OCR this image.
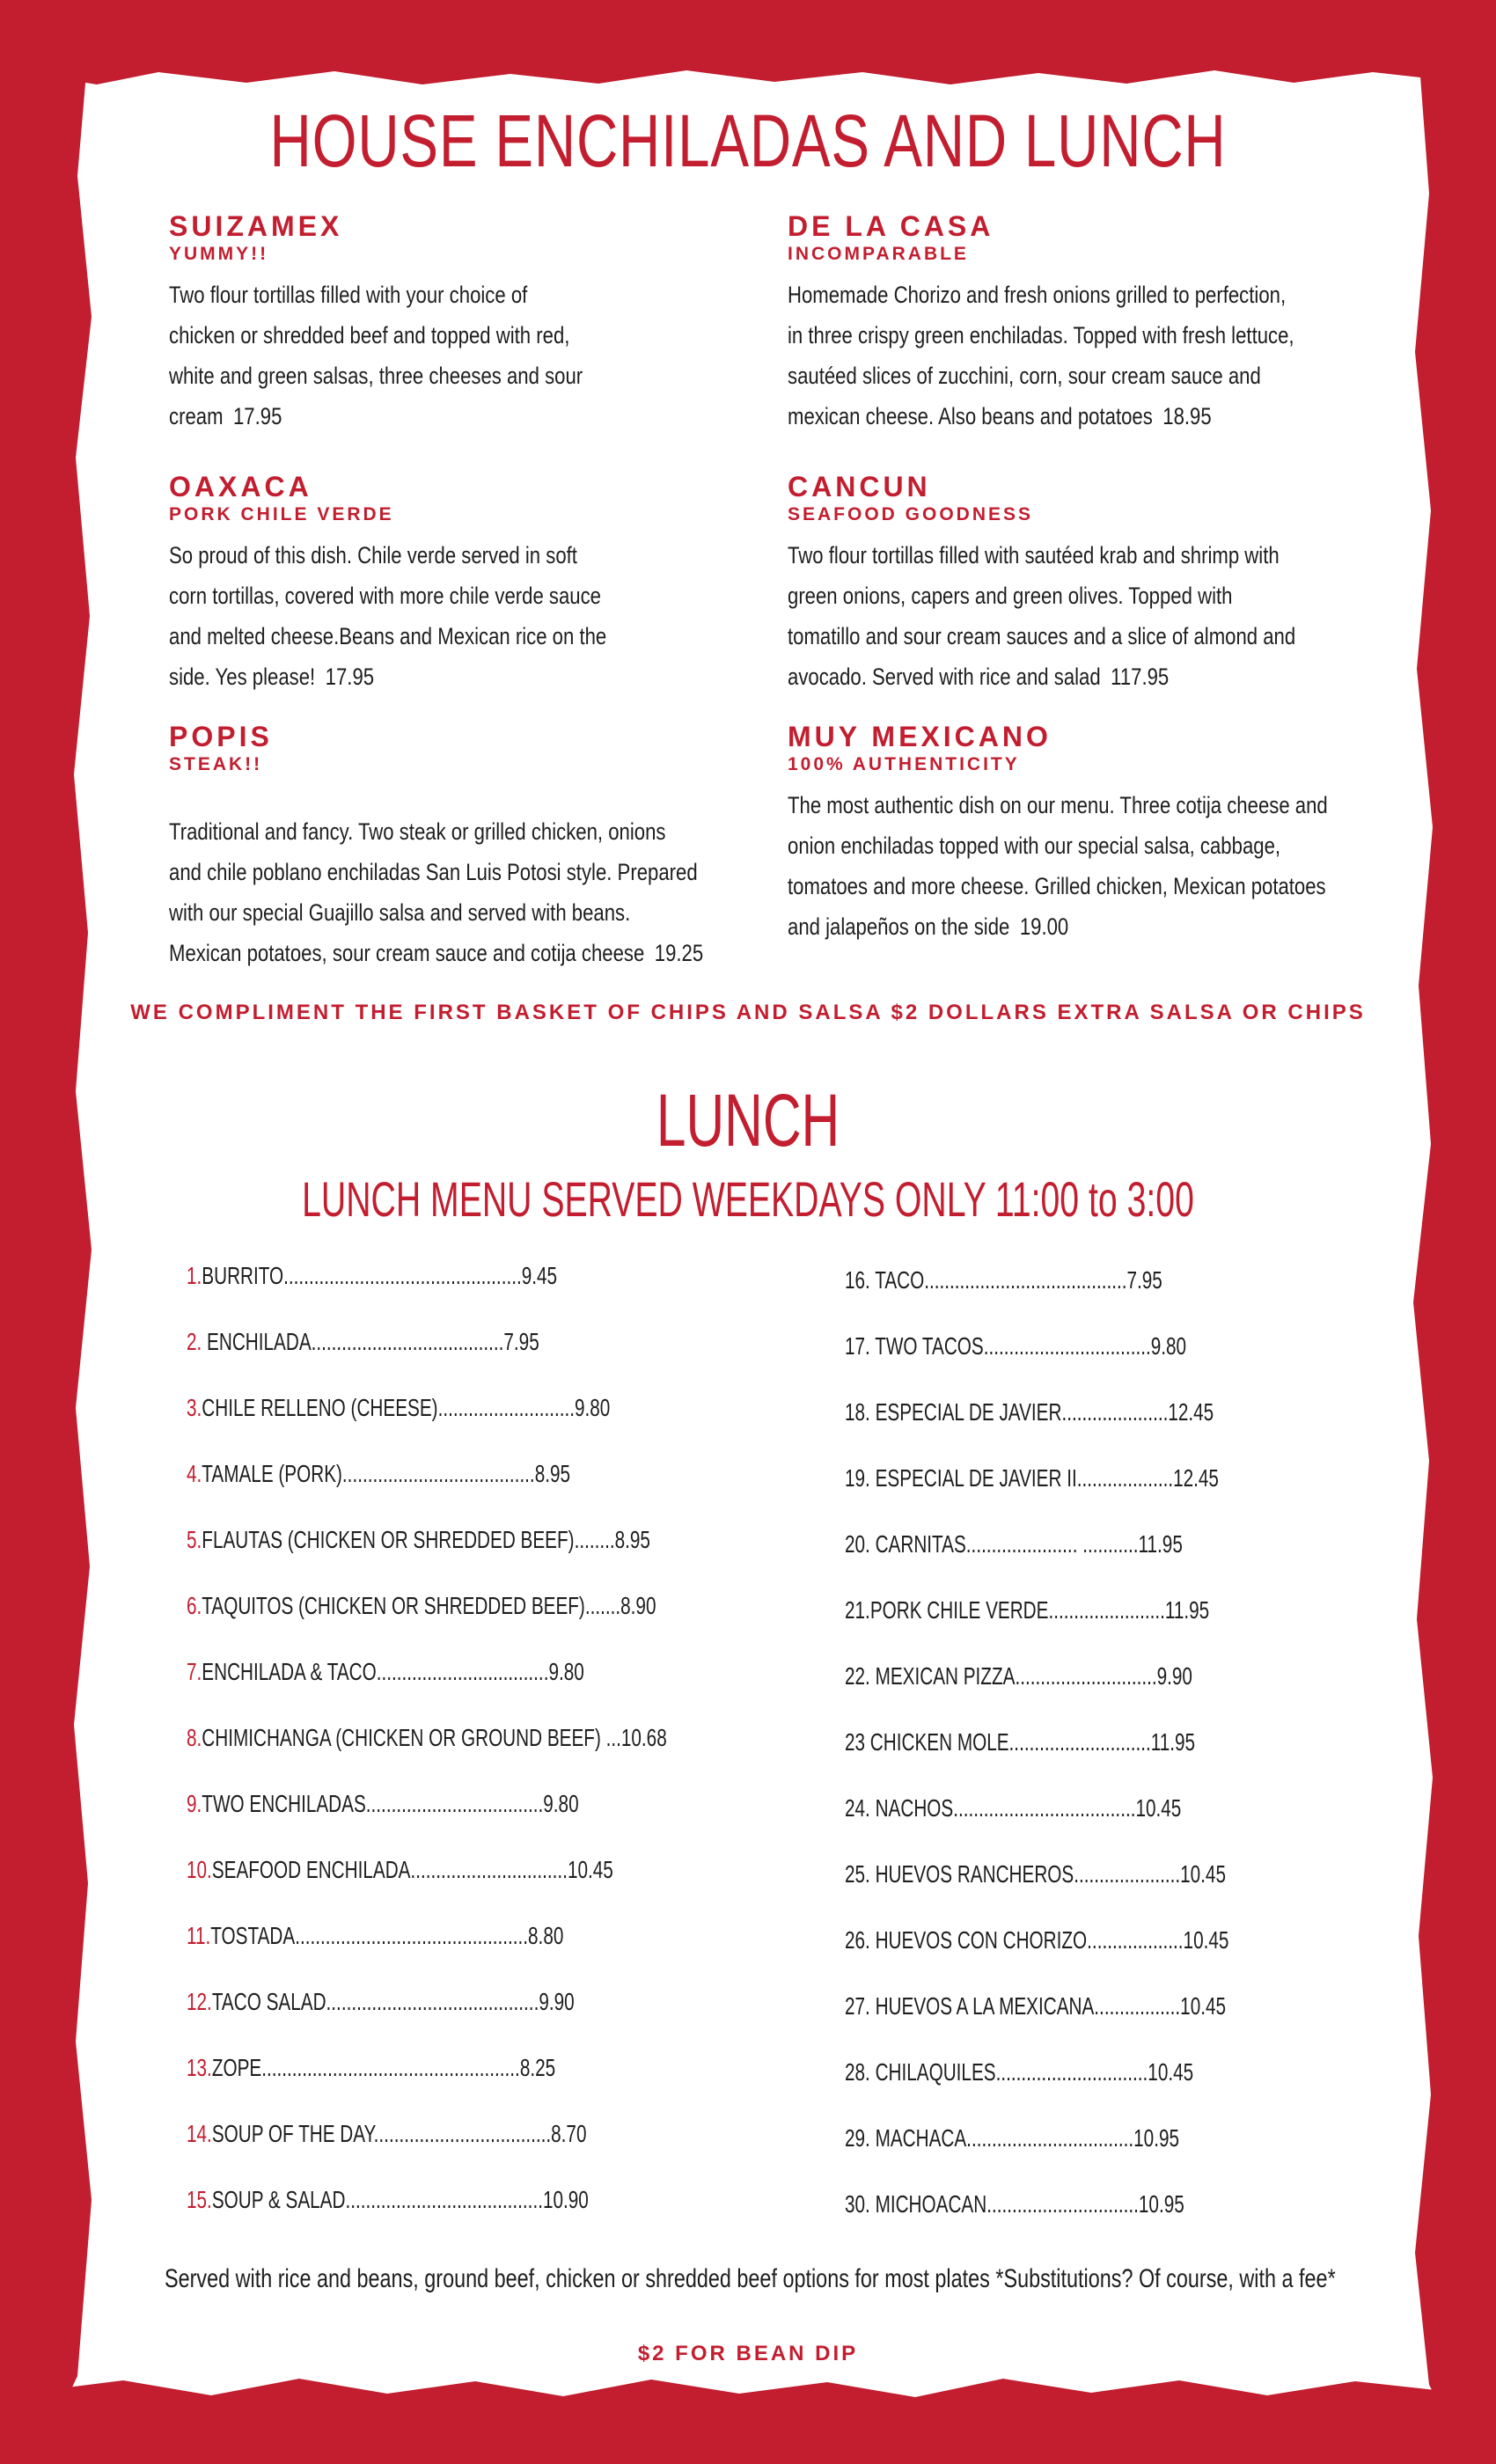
HOUSE ENCHILADAS AND LUNCH
SUIZAMEX
YUMMY!!
Two flour tortillas filled with your choice of
chicken or shredded beef and topped with red,
white and green salsas, three cheeses and sour
cream 17.95
DE LA CASA
INCOMPARABLE
Homemade Chorizo and fresh onions grilled to perfection,
in three crispy green enchiladas. Topped with fresh lettuce,
sautéed slices of zucchini, corn, sour cream sauce and
mexican cheese. Also beans and potatoes 18.95
OAXACA
PORK CHILE VERDE
So proud of this dish. Chile verde served in soft
corn tortillas, covered with more chile verde sauce
and melted cheese.Beans and Mexican rice on the
side. Yes please! 17.95
CANCUN
SEAFOOD GOODNESS
Two flour tortillas filled with sautéed krab and shrimp with
green onions, capers and green olives. Topped with
tomatillo and sour cream sauces and a slice of almond and
avocado. Served with rice and salad 117.95
POPIS
STEAK!!
Traditional and fancy. Two steak or grilled chicken, onions
and chile poblano enchiladas San Luis Potosi style. Prepared
with our special Guajillo salsa and served with beans.
Mexican potatoes, sour cream sauce and cotija cheese 19.25
MUY MEXICANO
100% AUTHENTICITY
The most authentic dish on our menu. Three cotija cheese and
onion enchiladas topped with our special salsa, cabbage,
tomatoes and more cheese. Grilled chicken, Mexican potatoes
and jalapeños on the side 19.00
WE COMPLIMENT THE FIRST BASKET OF CHIPS AND SALSA $2 DOLLARS EXTRA SALSA OR CHIPS
LUNCH
LUNCH MENU SERVED WEEKDAYS ONLY 11:00 to 3:00
1.BURRITO...............................................9.45
2. ENCHILADA......................................7.95
3.CHILE RELLENO (CHEESE)...........................9.80
4.TAMALE (PORK)......................................8.95
5.FLAUTAS (CHICKEN OR SHREDDED BEEF)........8.95
6.TAQUITOS (CHICKEN OR SHREDDED BEEF).......8.90
7.ENCHILADA & TACO..................................9.80
8.CHIMICHANGA (CHICKEN OR GROUND BEEF) ...10.68
9.TWO ENCHILADAS...................................9.80
10.SEAFOOD ENCHILADA...............................10.45
11.TOSTADA..............................................8.80
12.TACO SALAD..........................................9.90
13.ZOPE...................................................8.25
14.SOUP OF THE DAY...................................8.70
15.SOUP & SALAD.......................................10.90
16. TACO........................................7.95
17. TWO TACOS.................................9.80
18. ESPECIAL DE JAVIER.....................12.45
19. ESPECIAL DE JAVIER II...................12.45
20. CARNITAS...................... ...........11.95
21.PORK CHILE VERDE.......................11.95
22. MEXICAN PIZZA............................9.90
23 CHICKEN MOLE............................11.95
24. NACHOS....................................10.45
25. HUEVOS RANCHEROS.....................10.45
26. HUEVOS CON CHORIZO...................10.45
27. HUEVOS A LA MEXICANA.................10.45
28. CHILAQUILES..............................10.45
29. MACHACA.................................10.95
30. MICHOACAN..............................10.95
Served with rice and beans, ground beef, chicken or shredded beef options for most plates *Substitutions? Of course, with a fee*
$2 FOR BEAN DIP
